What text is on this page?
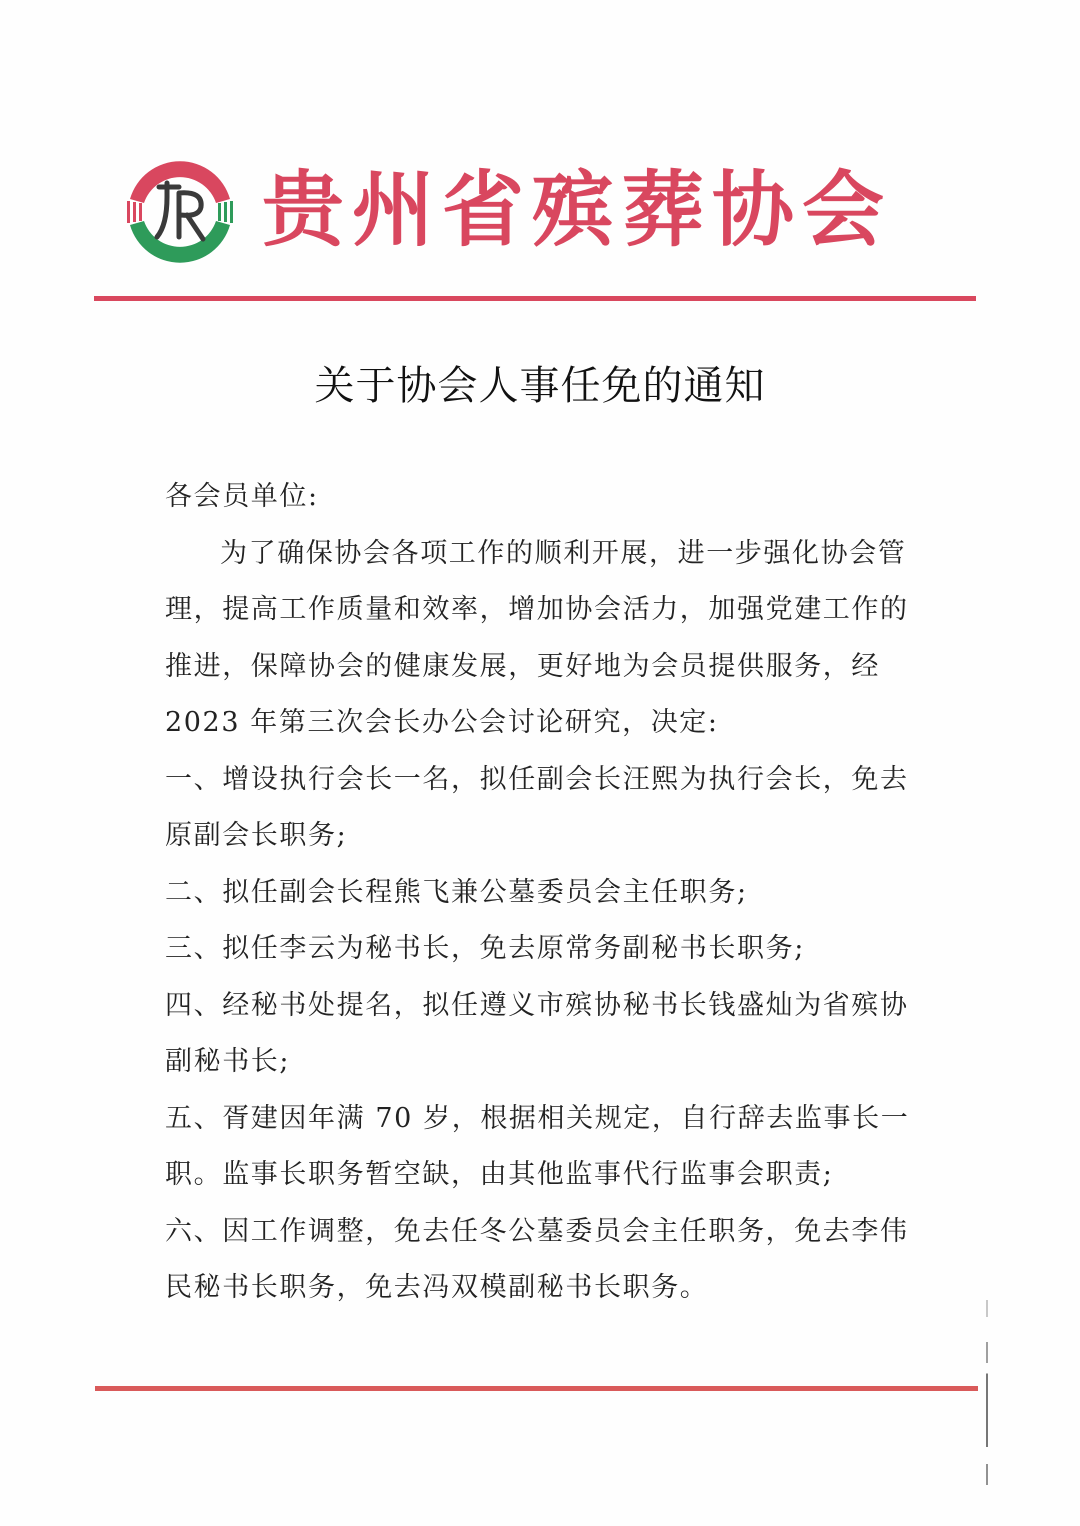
贵州省殡葬协会
关于协会人事任免的通知

各会员单位:

为了确保协会各项工作的顺利开展，进一步强化协会管理，提高工作质量和效率，增加协会活力，加强党建工作的推进，保障协会的健康发展，更好地为会员提供服务，经 2023 年第三次会长办公会讨论研究，决定:

一、增设执行会长一名，拟任副会长汪熙为执行会长，免去原副会长职务;

二、拟任副会长程熊飞兼公墓委员会主任职务;

三、拟任李云为秘书长，免去原常务副秘书长职务;

四、经秘书处提名，拟任遵义市殡协秘书长钱盛灿为省殡协副秘书长;

五、胥建因年满 70 岁，根据相关规定，自行辞去监事长一职。监事长职务暂空缺，由其他监事代行监事会职责;

六、因工作调整，免去任冬公墓委员会主任职务，免去李伟民秘书长职务，免去冯双模副秘书长职务。
